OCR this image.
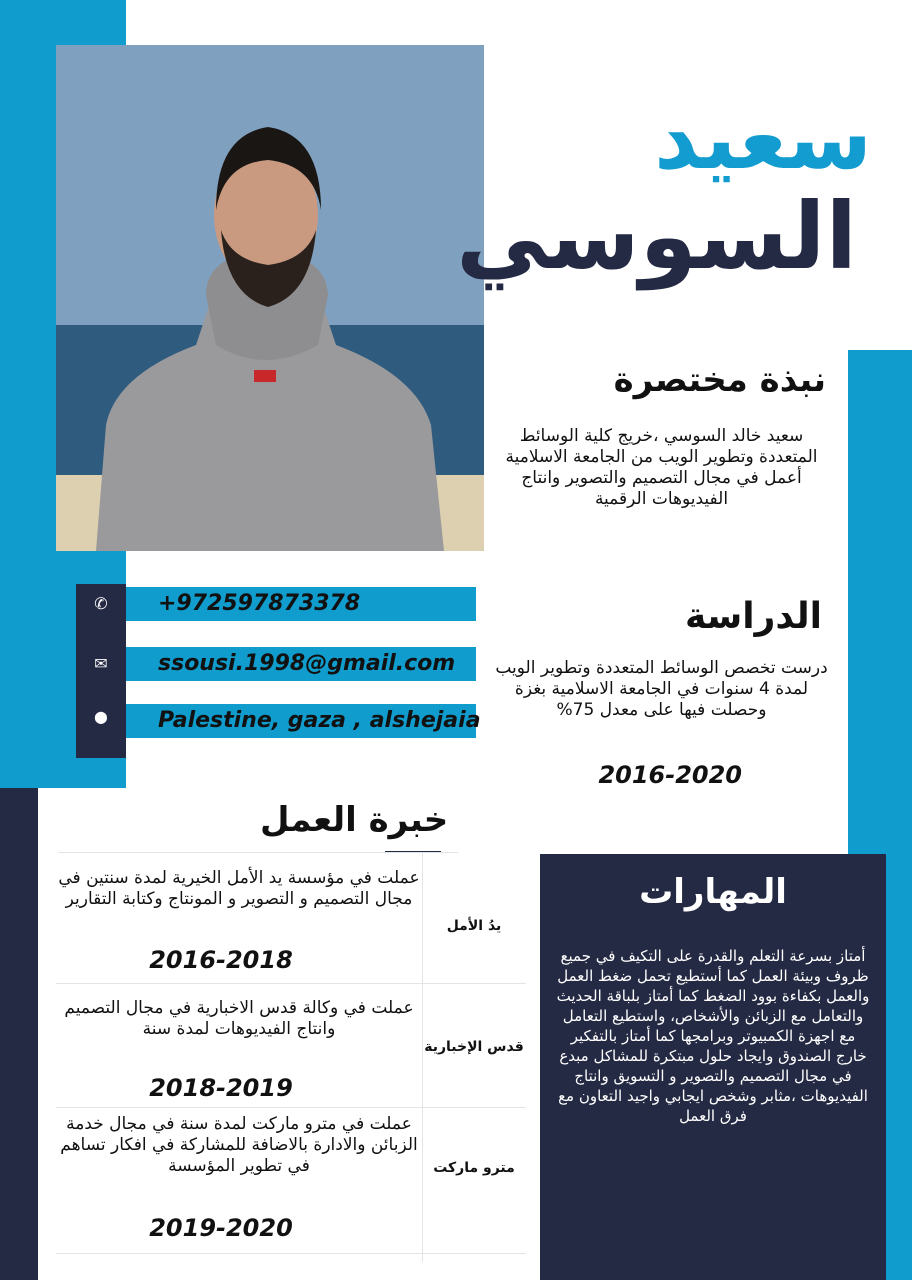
سعيد
السوسي
نبذة مختصرة
سعيد خالد السوسي ،خريج كلية الوسائط المتعددة وتطوير الويب من الجامعة الاسلامية أعمل في مجال التصميم والتصوير وانتاج الفيديوهات الرقمية
الدراسة
درست تخصص الوسائط المتعددة وتطوير الويب لمدة 4 سنوات في الجامعة الاسلامية بغزة وحصلت فيها على معدل 75%
2016-2020
✆
✉
⬤
+972597873378
ssousi.1998@gmail.com
Palestine, gaza , alshejaia
خبرة العمل
عملت في مؤسسة يد الأمل الخيرية لمدة سنتين في مجال التصميم و التصوير و المونتاج وكتابة التقارير
2016-2018
يدُ الأمل
عملت في وكالة قدس الاخبارية في مجال التصميم وانتاج الفيديوهات لمدة سنة
2018-2019
قدس الإخبارية
عملت في مترو ماركت لمدة سنة في مجال خدمة الزبائن والادارة بالاضافة للمشاركة في افكار تساهم في تطوير المؤسسة
2019-2020
مترو ماركت
المهارات
أمتاز بسرعة التعلم والقدرة على التكيف في جميع ظروف وبيئة العمل كما أستطيع تحمل ضغط العمل والعمل بكفاءة بوود الضغط كما أمتاز بلباقة الحديث والتعامل مع الزبائن والأشخاص، واستطيع التعامل مع اجهزة الكمبيوتر وبرامجها كما أمتاز بالتفكير خارج الصندوق وايجاد حلول مبتكرة للمشاكل مبدع في مجال التصميم والتصوير و التسويق وانتاج الفيديوهات ،مثابر وشخص ايجابي واجيد التعاون مع فرق العمل
